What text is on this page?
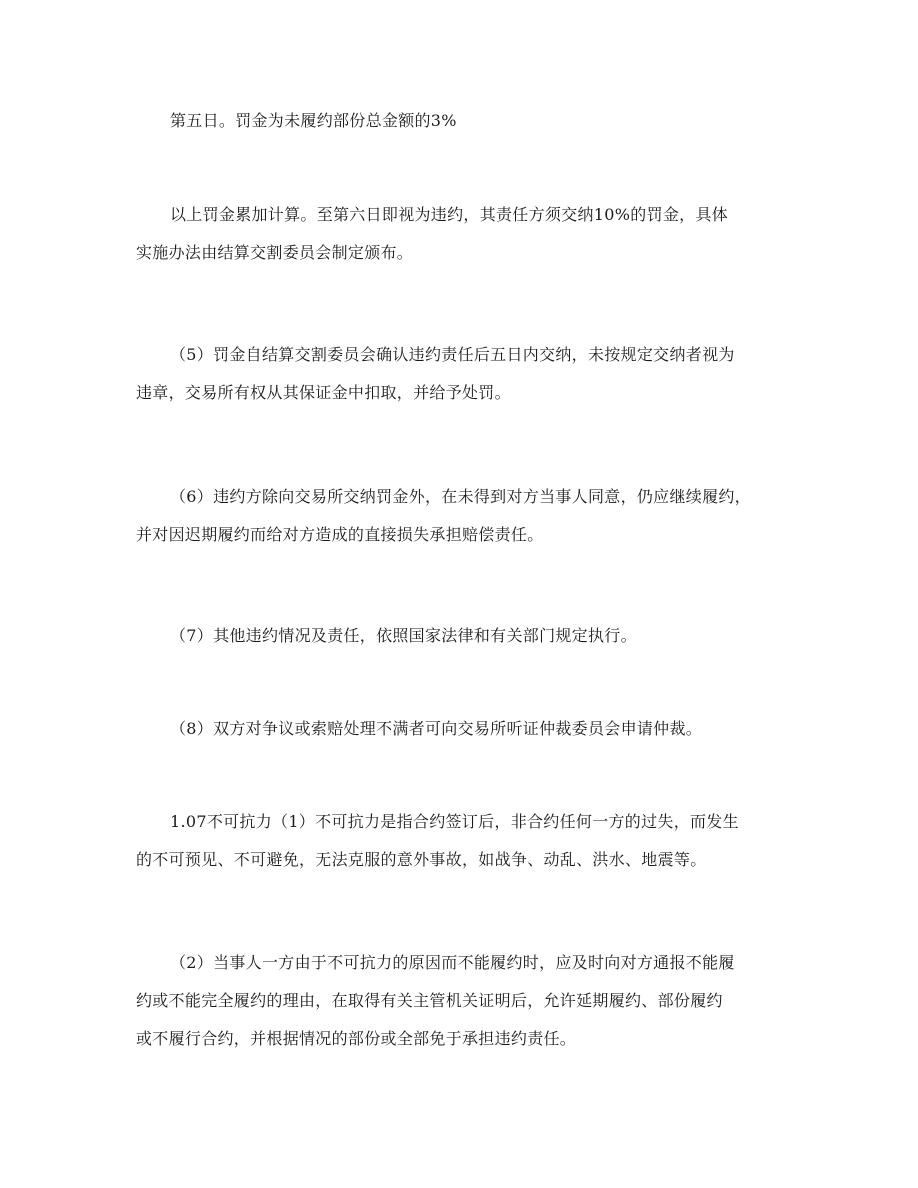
第五日。罚金为未履约部份总金额的3%
以上罚金累加计算。至第六日即视为违约，其责任方须交纳10%的罚金，具体
实施办法由结算交割委员会制定颁布。
（5）罚金自结算交割委员会确认违约责任后五日内交纳，未按规定交纳者视为
违章，交易所有权从其保证金中扣取，并给予处罚。
（6）违约方除向交易所交纳罚金外，在未得到对方当事人同意，仍应继续履约，
并对因迟期履约而给对方造成的直接损失承担赔偿责任。
（7）其他违约情况及责任，依照国家法律和有关部门规定执行。
（8）双方对争议或索赔处理不满者可向交易所听证仲裁委员会申请仲裁。
1.07不可抗力（1）不可抗力是指合约签订后，非合约任何一方的过失，而发生
的不可预见、不可避免，无法克服的意外事故，如战争、动乱、洪水、地震等。
（2）当事人一方由于不可抗力的原因而不能履约时，应及时向对方通报不能履
约或不能完全履约的理由，在取得有关主管机关证明后，允许延期履约、部份履约
或不履行合约，并根据情况的部份或全部免于承担违约责任。
